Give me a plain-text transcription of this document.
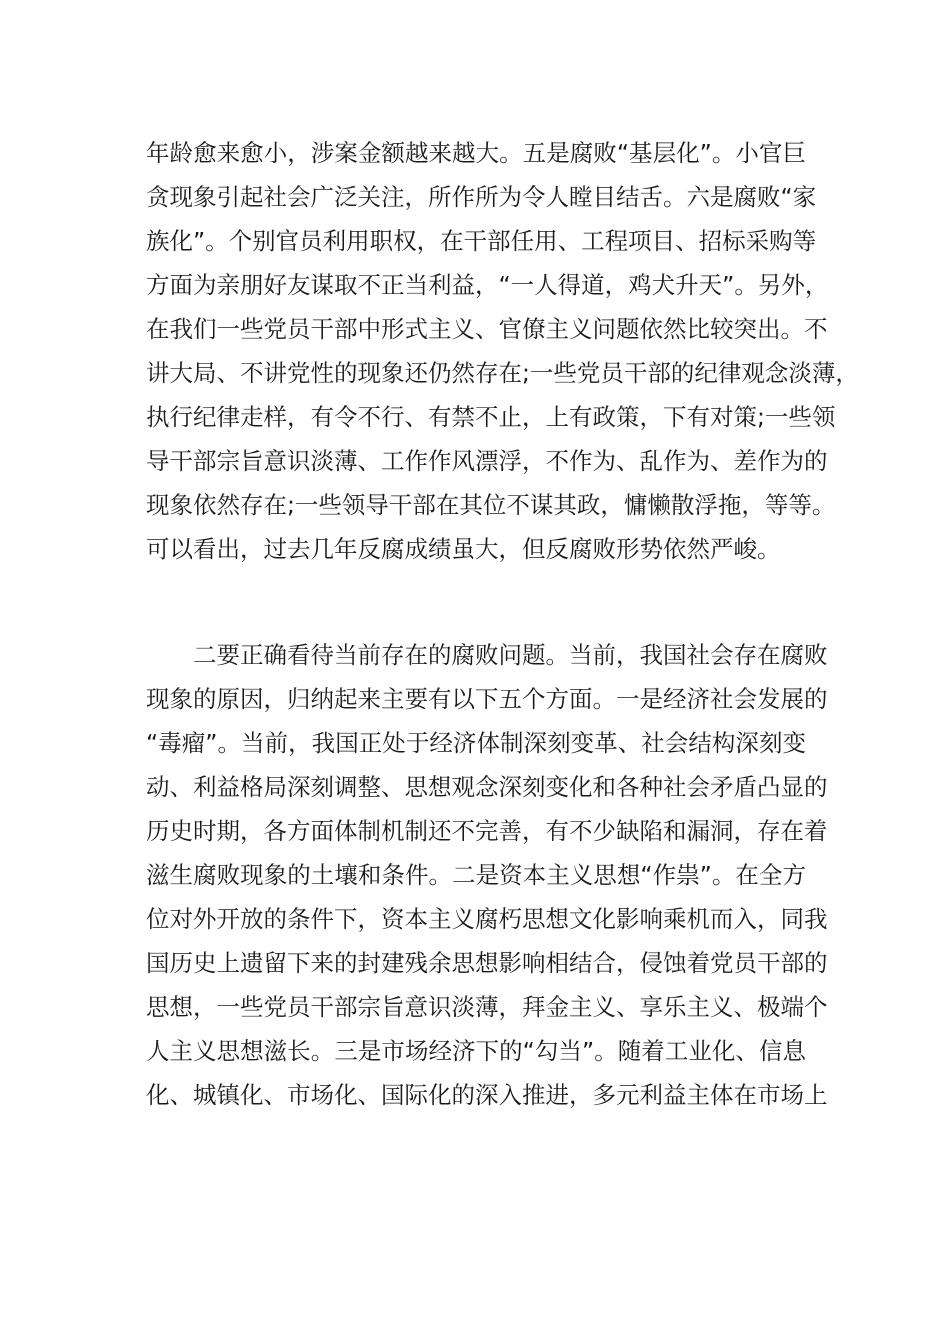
年龄愈来愈小，涉案金额越来越大。五是腐败“基层化”。小官巨
贪现象引起社会广泛关注，所作所为令人瞠目结舌。六是腐败“家
族化”。个别官员利用职权，在干部任用、工程项目、招标采购等
方面为亲朋好友谋取不正当利益，“一人得道，鸡犬升天”。另外，
在我们一些党员干部中形式主义、官僚主义问题依然比较突出。不
讲大局、不讲党性的现象还仍然存在;一些党员干部的纪律观念淡薄，
执行纪律走样，有令不行、有禁不止，上有政策，下有对策;一些领
导干部宗旨意识淡薄、工作作风漂浮，不作为、乱作为、差作为的
现象依然存在;一些领导干部在其位不谋其政，慵懒散浮拖，等等。
可以看出，过去几年反腐成绩虽大，但反腐败形势依然严峻。
二要正确看待当前存在的腐败问题。当前，我国社会存在腐败
现象的原因，归纳起来主要有以下五个方面。一是经济社会发展的
“毒瘤”。当前，我国正处于经济体制深刻变革、社会结构深刻变
动、利益格局深刻调整、思想观念深刻变化和各种社会矛盾凸显的
历史时期，各方面体制机制还不完善，有不少缺陷和漏洞，存在着
滋生腐败现象的土壤和条件。二是资本主义思想“作祟”。在全方
位对外开放的条件下，资本主义腐朽思想文化影响乘机而入，同我
国历史上遗留下来的封建残余思想影响相结合，侵蚀着党员干部的
思想，一些党员干部宗旨意识淡薄，拜金主义、享乐主义、极端个
人主义思想滋长。三是市场经济下的“勾当”。随着工业化、信息
化、城镇化、市场化、国际化的深入推进，多元利益主体在市场上
